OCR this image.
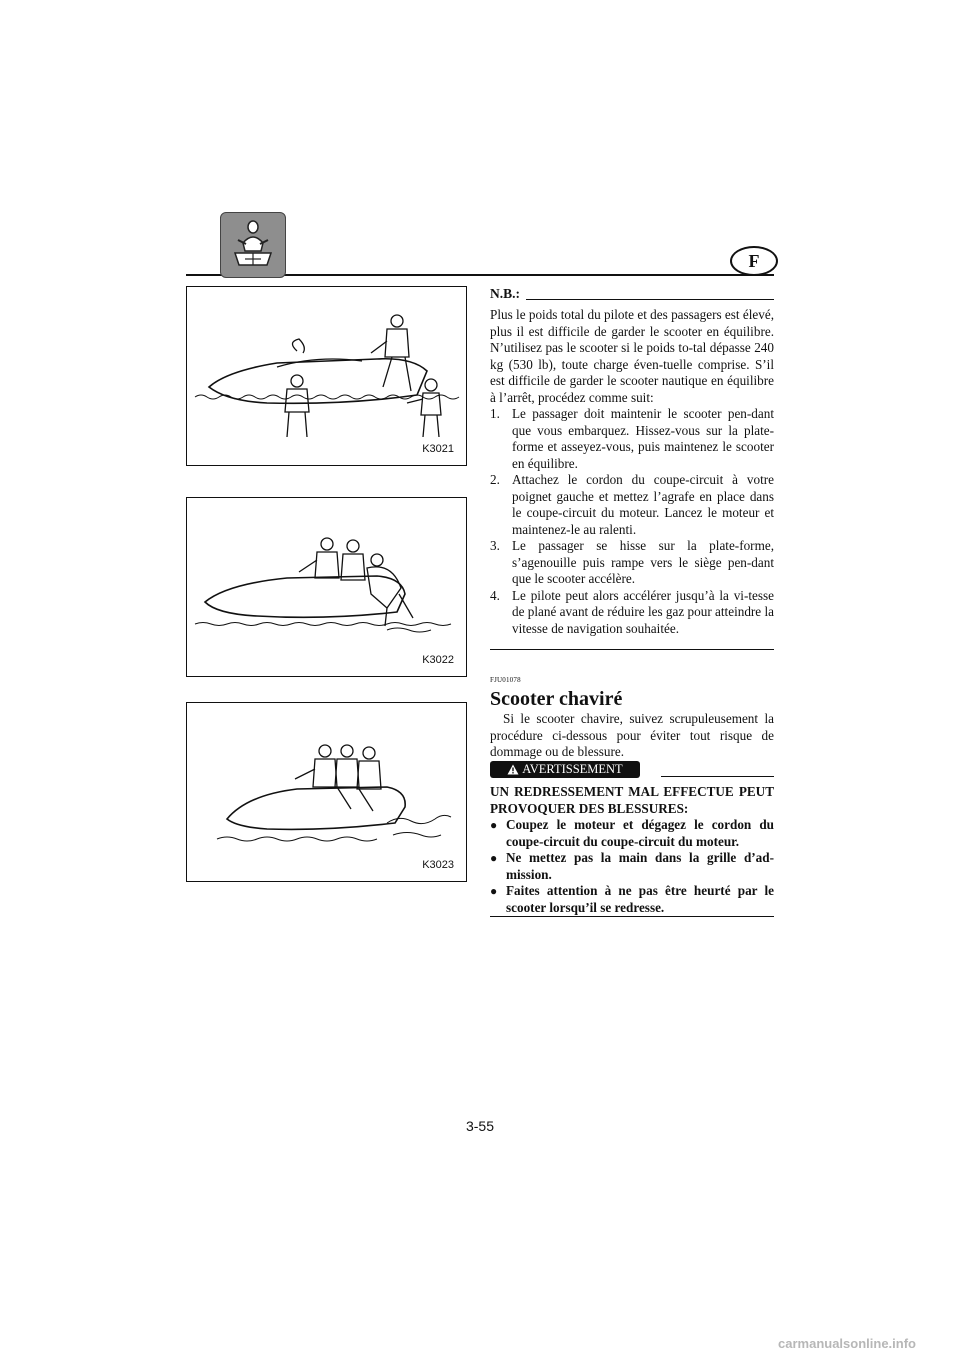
F
K3021
K3022
K3023
N.B.:

Plus le poids total du pilote et des passagers est élevé, plus il est difficile de garder le scooter en équilibre. N’utilisez pas le scooter si le poids to-tal dépasse 240 kg (530 lb), toute charge éven-tuelle comprise. S’il est difficile de garder le scooter nautique en équilibre à l’arrêt, procédez comme suit:

1. Le passager doit maintenir le scooter pen-dant que vous embarquez. Hissez-vous sur la plate-forme et asseyez-vous, puis maintenez le scooter en équilibre.
2. Attachez le cordon du coupe-circuit à votre poignet gauche et mettez l’agrafe en place dans le coupe-circuit du moteur. Lancez le moteur et maintenez-le au ralenti.
3. Le passager se hisse sur la plate-forme, s’agenouille puis rampe vers le siège pen-dant que le scooter accélère.
4. Le pilote peut alors accélérer jusqu’à la vi-tesse de plané avant de réduire les gaz pour atteindre la vitesse de navigation souhaitée.
FJU01078
Scooter chaviré

Si le scooter chavire, suivez scrupuleusement la procédure ci-dessous pour éviter tout risque de dommage ou de blessure.

AVERTISSEMENT

UN REDRESSEMENT MAL EFFECTUE PEUT PROVOQUER DES BLESSURES:

● Coupez le moteur et dégagez le cordon du coupe-circuit du coupe-circuit du moteur.
● Ne mettez pas la main dans la grille d’ad-mission.
● Faites attention à ne pas être heurté par le scooter lorsqu’il se redresse.
3-55
carmanualsonline.info
